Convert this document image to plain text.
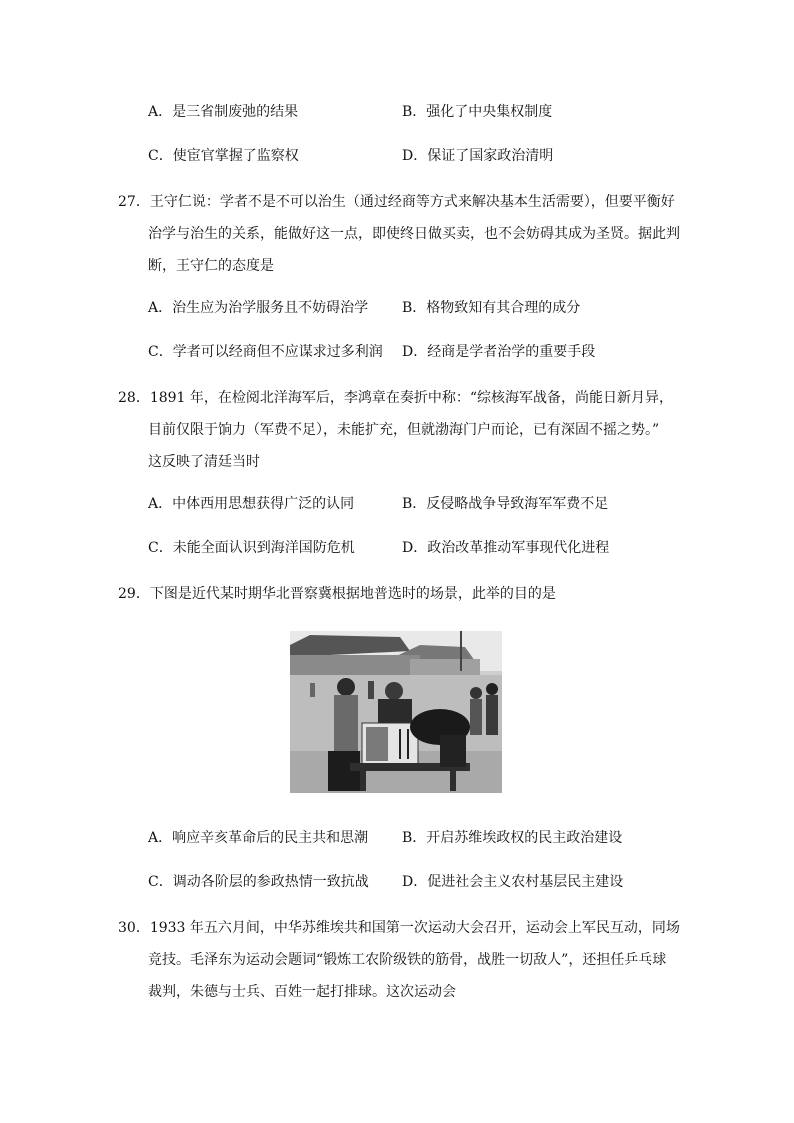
A．是三省制废弛的结果	B．强化了中央集权制度
C．使宦官掌握了监察权	D．保证了国家政治清明
27．王守仁说：学者不是不可以治生（通过经商等方式来解决基本生活需要），但要平衡好
治学与治生的关系，能做好这一点，即使终日做买卖，也不会妨碍其成为圣贤。据此判
断，王守仁的态度是
A．治生应为治学服务且不妨碍治学 B．格物致知有其合理的成分
C．学者可以经商但不应谋求过多利润 D．经商是学者治学的重要手段
28．1891 年，在检阅北洋海军后，李鸿章在奏折中称：“综核海军战备，尚能日新月异，
目前仅限于饷力（军费不足），未能扩充，但就渤海门户而论，已有深固不摇之势。”
这反映了清廷当时
A．中体西用思想获得广泛的认同	B．反侵略战争导致海军军费不足
C．未能全面认识到海洋国防危机	D．政治改革推动军事现代化进程
29．下图是近代某时期华北晋察冀根据地普选时的场景，此举的目的是
A．响应辛亥革命后的民主共和思潮 B．开启苏维埃政权的民主政治建设
C．调动各阶层的参政热情一致抗战 D．促进社会主义农村基层民主建设
30．1933 年五六月间，中华苏维埃共和国第一次运动大会召开，运动会上军民互动，同场
竞技。毛泽东为运动会题词“锻炼工农阶级铁的筋骨，战胜一切敌人”，还担任乒乓球
裁判，朱德与士兵、百姓一起打排球。这次运动会
